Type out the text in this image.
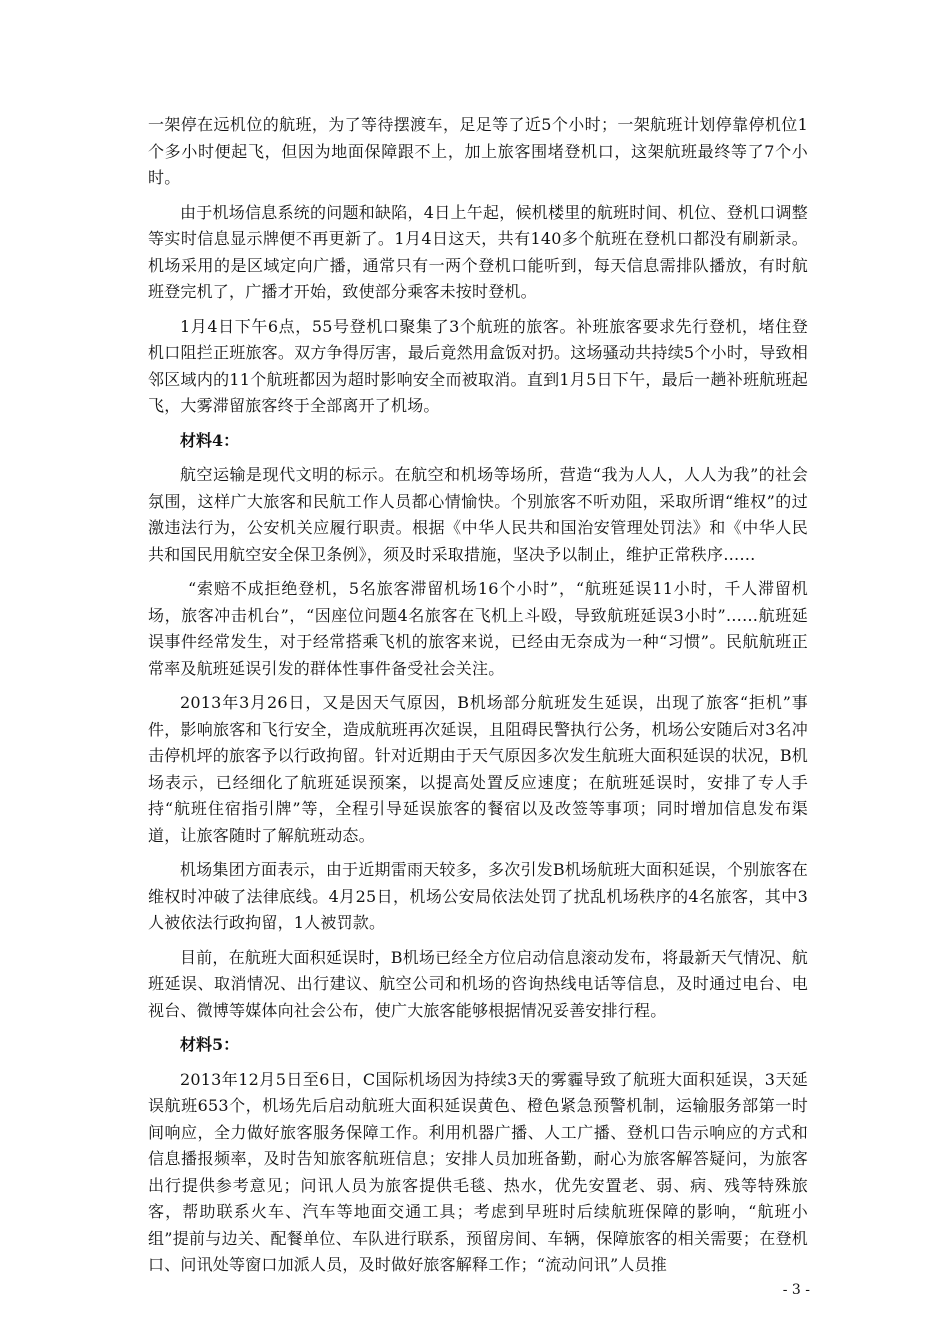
一架停在远机位的航班，为了等待摆渡车，足足等了近5个小时；一架航班计划停靠停机位1个多小时便起飞，但因为地面保障跟不上，加上旅客围堵登机口，这架航班最终等了7个小时。

由于机场信息系统的问题和缺陷，4日上午起，候机楼里的航班时间、机位、登机口调整等实时信息显示牌便不再更新了。1月4日这天，共有140多个航班在登机口都没有刷新录。机场采用的是区域定向广播，通常只有一两个登机口能听到，每天信息需排队播放，有时航班登完机了，广播才开始，致使部分乘客未按时登机。

1月4日下午6点，55号登机口聚集了3个航班的旅客。补班旅客要求先行登机，堵住登机口阻拦正班旅客。双方争得厉害，最后竟然用盒饭对扔。这场骚动共持续5个小时，导致相邻区域内的11个航班都因为超时影响安全而被取消。直到1月5日下午，最后一趟补班航班起飞，大雾滞留旅客终于全部离开了机场。

材料4：

航空运输是现代文明的标示。在航空和机场等场所，营造“我为人人，人人为我”的社会氛围，这样广大旅客和民航工作人员都心情愉快。个别旅客不听劝阻，采取所谓“维权”的过激违法行为，公安机关应履行职责。根据《中华人民共和国治安管理处罚法》和《中华人民共和国民用航空安全保卫条例》，须及时采取措施，坚决予以制止，维护正常秩序……

“索赔不成拒绝登机，5名旅客滞留机场16个小时”，“航班延误11小时，千人滞留机场，旅客冲击机台”，“因座位问题4名旅客在飞机上斗殴，导致航班延误3小时”……航班延误事件经常发生，对于经常搭乘飞机的旅客来说，已经由无奈成为一种“习惯”。民航航班正常率及航班延误引发的群体性事件备受社会关注。

2013年3月26日，又是因天气原因，B机场部分航班发生延误，出现了旅客“拒机”事件，影响旅客和飞行安全，造成航班再次延误，且阻碍民警执行公务，机场公安随后对3名冲击停机坪的旅客予以行政拘留。针对近期由于天气原因多次发生航班大面积延误的状况，B机场表示，已经细化了航班延误预案，以提高处置反应速度；在航班延误时，安排了专人手持“航班住宿指引牌”等，全程引导延误旅客的餐宿以及改签等事项；同时增加信息发布渠道，让旅客随时了解航班动态。

机场集团方面表示，由于近期雷雨天较多，多次引发B机场航班大面积延误，个别旅客在维权时冲破了法律底线。4月25日，机场公安局依法处罚了扰乱机场秩序的4名旅客，其中3人被依法行政拘留，1人被罚款。

目前，在航班大面积延误时，B机场已经全方位启动信息滚动发布，将最新天气情况、航班延误、取消情况、出行建议、航空公司和机场的咨询热线电话等信息，及时通过电台、电视台、微博等媒体向社会公布，使广大旅客能够根据情况妥善安排行程。

材料5：

2013年12月5日至6日，C国际机场因为持续3天的雾霾导致了航班大面积延误，3天延误航班653个，机场先后启动航班大面积延误黄色、橙色紧急预警机制，运输服务部第一时间响应，全力做好旅客服务保障工作。利用机器广播、人工广播、登机口告示响应的方式和信息播报频率，及时告知旅客航班信息；安排人员加班备勤，耐心为旅客解答疑问，为旅客出行提供参考意见；问讯人员为旅客提供毛毯、热水，优先安置老、弱、病、残等特殊旅客，帮助联系火车、汽车等地面交通工具；考虑到早班时后续航班保障的影响，“航班小组”提前与边关、配餐单位、车队进行联系，预留房间、车辆，保障旅客的相关需要；在登机口、问讯处等窗口加派人员，及时做好旅客解释工作；“流动问讯”人员推

- 3 -
